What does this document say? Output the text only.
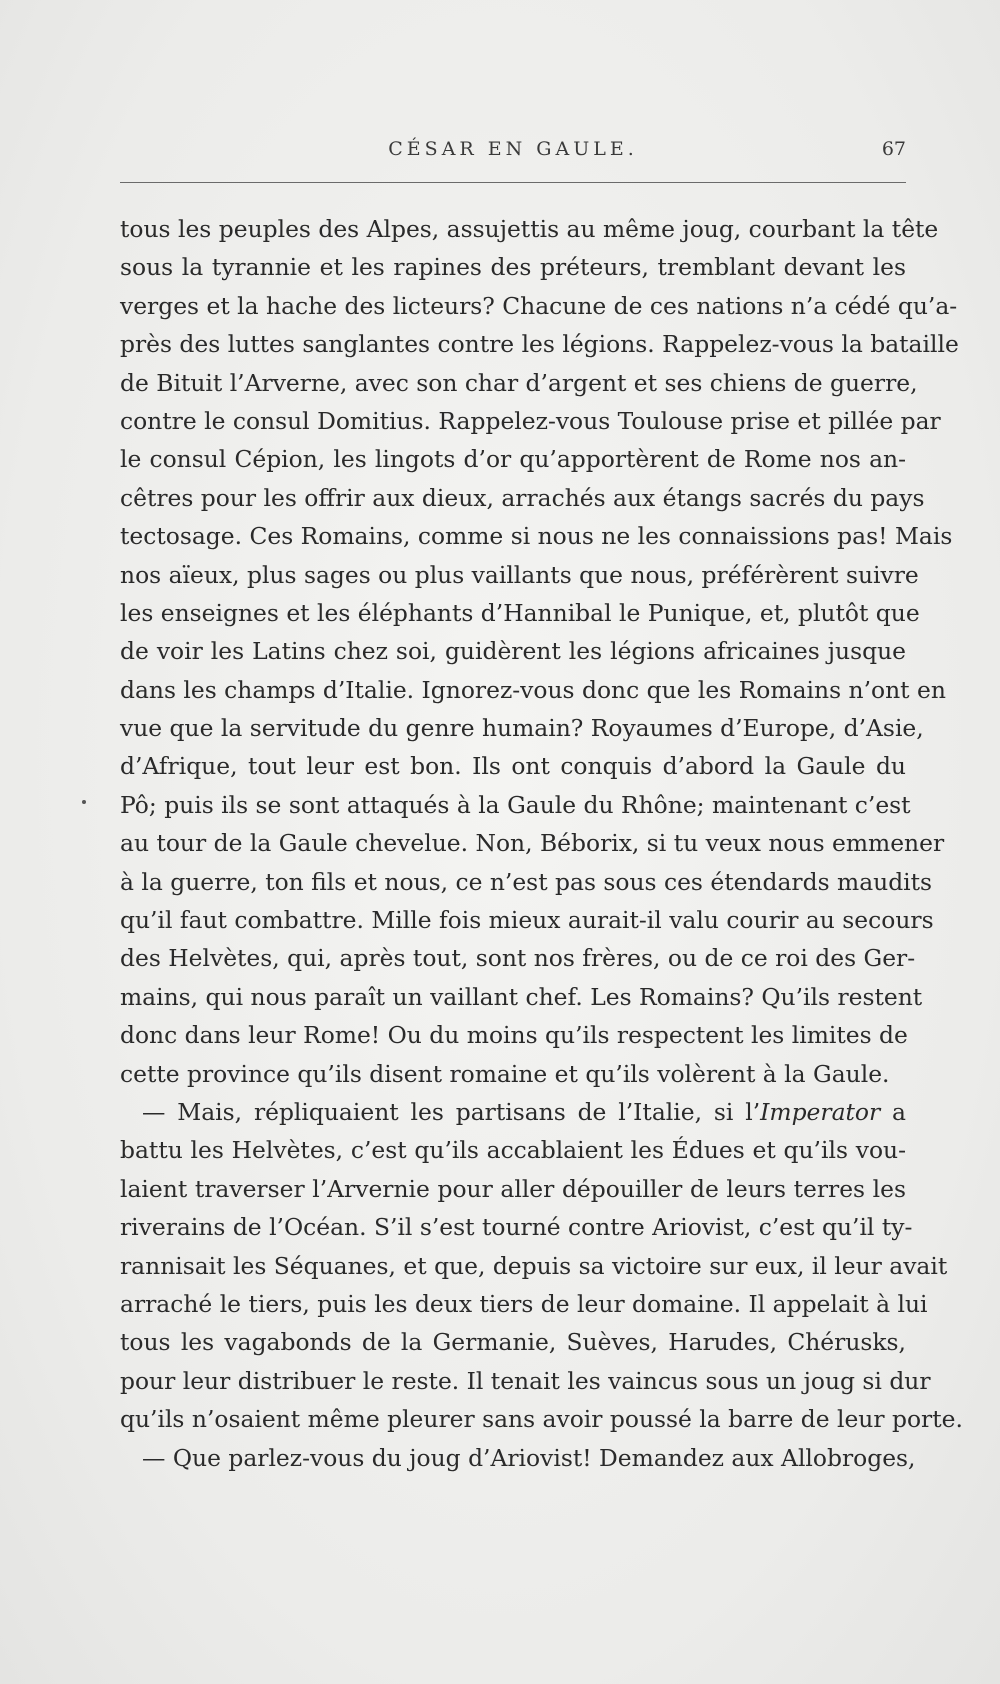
CÉSAR EN GAULE.	67
tous les peuples des Alpes, assujettis au même joug, courbant la tête
sous la tyrannie et les rapines des préteurs, tremblant devant les
verges et la hache des licteurs? Chacune de ces nations n’a cédé qu’a-
près des luttes sanglantes contre les légions. Rappelez-vous la bataille
de Bituit l’Arverne, avec son char d’argent et ses chiens de guerre,
contre le consul Domitius. Rappelez-vous Toulouse prise et pillée par
le consul Cépion, les lingots d’or qu’apportèrent de Rome nos an-
cêtres pour les offrir aux dieux, arrachés aux étangs sacrés du pays
tectosage. Ces Romains, comme si nous ne les connaissions pas! Mais
nos aïeux, plus sages ou plus vaillants que nous, préférèrent suivre
les enseignes et les éléphants d’Hannibal le Punique, et, plutôt que
de voir les Latins chez soi, guidèrent les légions africaines jusque
dans les champs d’Italie. Ignorez-vous donc que les Romains n’ont en
vue que la servitude du genre humain? Royaumes d’Europe, d’Asie,
d’Afrique, tout leur est bon. Ils ont conquis d’abord la Gaule du
Pô; puis ils se sont attaqués à la Gaule du Rhône; maintenant c’est
au tour de la Gaule chevelue. Non, Béborix, si tu veux nous emmener
à la guerre, ton fils et nous, ce n’est pas sous ces étendards maudits
qu’il faut combattre. Mille fois mieux aurait-il valu courir au secours
des Helvètes, qui, après tout, sont nos frères, ou de ce roi des Ger-
mains, qui nous paraît un vaillant chef. Les Romains? Qu’ils restent
donc dans leur Rome! Ou du moins qu’ils respectent les limites de
cette province qu’ils disent romaine et qu’ils volèrent à la Gaule.
— Mais, répliquaient les partisans de l’Italie, si l’Imperator a
battu les Helvètes, c’est qu’ils accablaient les Édues et qu’ils vou-
laient traverser l’Arvernie pour aller dépouiller de leurs terres les
riverains de l’Océan. S’il s’est tourné contre Ariovist, c’est qu’il ty-
rannisait les Séquanes, et que, depuis sa victoire sur eux, il leur avait
arraché le tiers, puis les deux tiers de leur domaine. Il appelait à lui
tous les vagabonds de la Germanie, Suèves, Harudes, Chérusks,
pour leur distribuer le reste. Il tenait les vaincus sous un joug si dur
qu’ils n’osaient même pleurer sans avoir poussé la barre de leur porte.
— Que parlez-vous du joug d’Ariovist! Demandez aux Allobroges,
